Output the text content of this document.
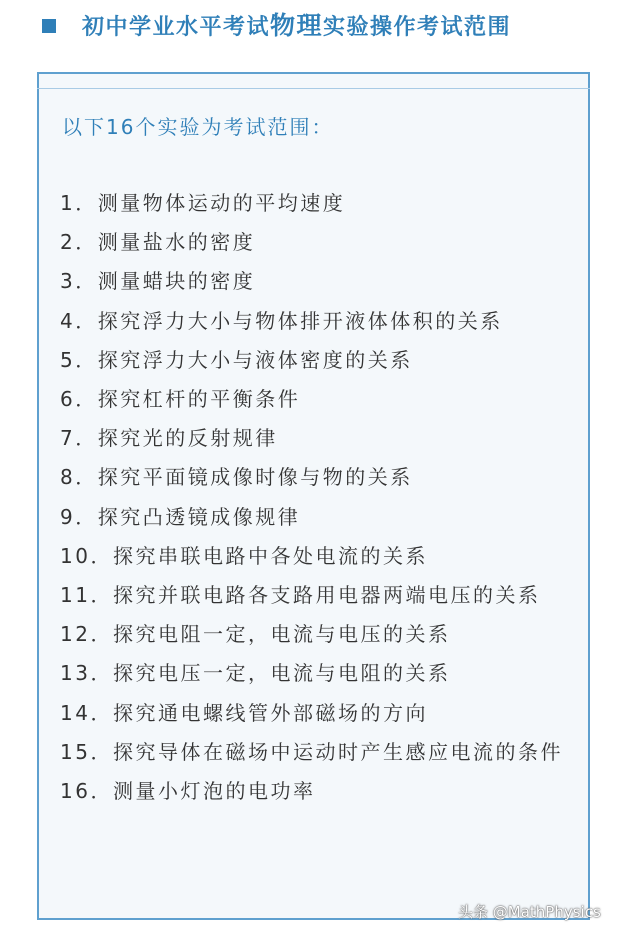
初中学业水平考试物理实验操作考试范围
以下16个实验为考试范围：
1．测量物体运动的平均速度
2．测量盐水的密度
3．测量蜡块的密度
4．探究浮力大小与物体排开液体体积的关系
5．探究浮力大小与液体密度的关系
6．探究杠杆的平衡条件
7．探究光的反射规律
8．探究平面镜成像时像与物的关系
9．探究凸透镜成像规律
10．探究串联电路中各处电流的关系
11．探究并联电路各支路用电器两端电压的关系
12．探究电阻一定，电流与电压的关系
13．探究电压一定，电流与电阻的关系
14．探究通电螺线管外部磁场的方向
15．探究导体在磁场中运动时产生感应电流的条件
16．测量小灯泡的电功率
头条 @MathPhysics
